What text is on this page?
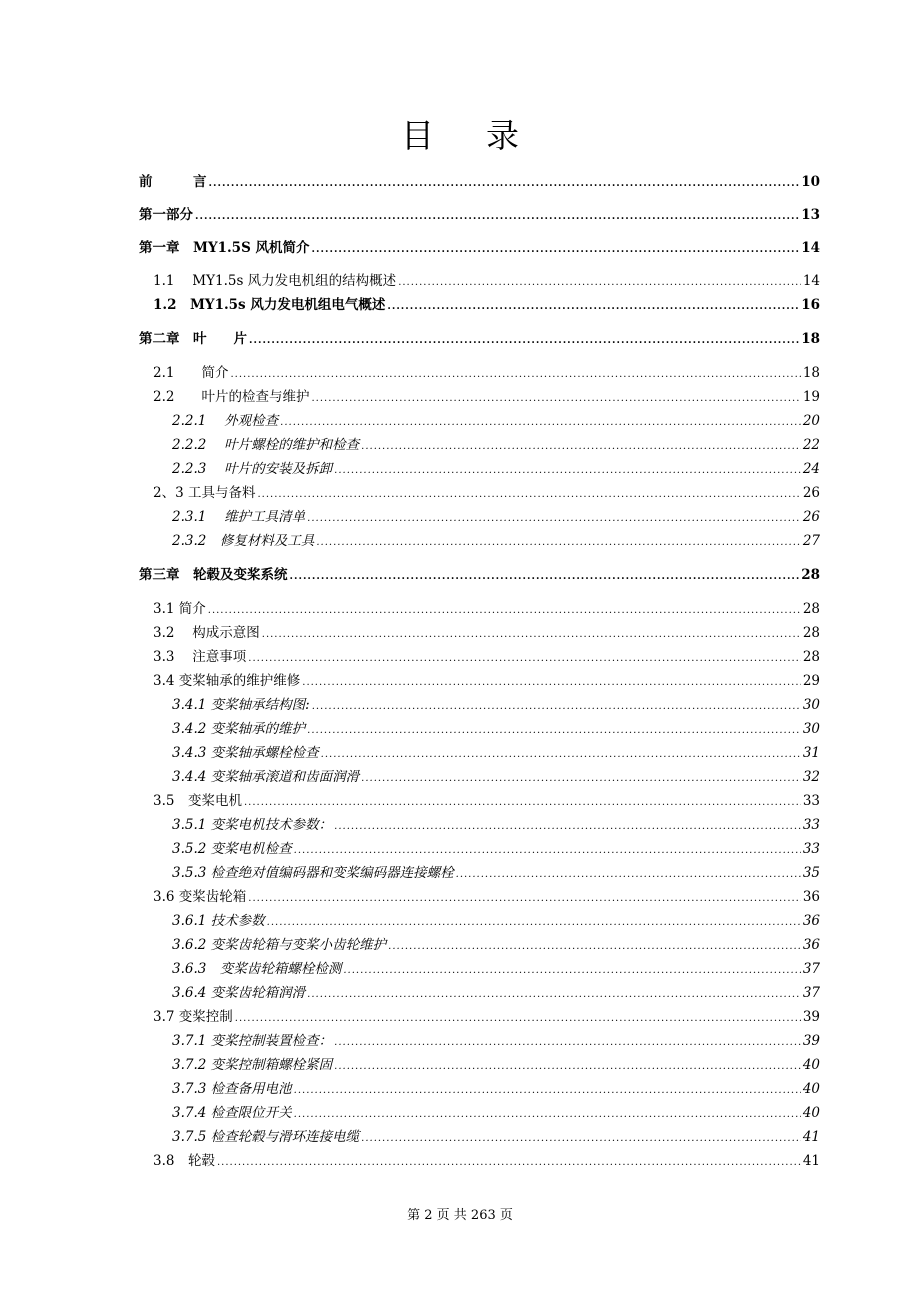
目 录
前　　　言 .....	10
第一部分 .....	13
第一章　MY1.5S 风机简介 .....	14
1.1　 MY1.5s 风力发电机组的结构概述 .....	14
1.2　MY1.5s 风力发电机组电气概述 .....	16
第二章　叶　　片 .....	18
2.1　　简介 .....	18
2.2　　叶片的检查与维护 .....	19
2.2.1　 外观检查 .....	20
2.2.2　 叶片螺栓的维护和检查 .....	22
2.2.3　 叶片的安装及拆卸 .....	24
2、3 工具与备料 .....	26
2.3.1　 维护工具清单 .....	26
2.3.2　修复材料及工具 .....	27
第三章　轮毂及变桨系统 .....	28
3.1 简介 .....	28
3.2　 构成示意图 .....	28
3.3　 注意事项 .....	28
3.4 变桨轴承的维护维修 .....	29
3.4.1 变桨轴承结构图: .....	30
3.4.2 变桨轴承的维护 .....	30
3.4.3 变桨轴承螺栓检查 .....	31
3.4.4 变桨轴承滚道和齿面润滑 .....	32
3.5　变桨电机 .....	33
3.5.1 变桨电机技术参数： .....	33
3.5.2 变桨电机检查 .....	33
3.5.3 检查绝对值编码器和变桨编码器连接螺栓 .....	35
3.6 变桨齿轮箱 .....	36
3.6.1 技术参数 .....	36
3.6.2 变桨齿轮箱与变桨小齿轮维护 .....	36
3.6.3　变桨齿轮箱螺栓检测 .....	37
3.6.4 变桨齿轮箱润滑 .....	37
3.7 变桨控制 .....	39
3.7.1 变桨控制装置检查： .....	39
3.7.2 变桨控制箱螺栓紧固 .....	40
3.7.3 检查备用电池 .....	40
3.7.4 检查限位开关 .....	40
3.7.5 检查轮毂与滑环连接电缆 .....	41
3.8　轮毂 .....	41
第 2 页 共 263 页
